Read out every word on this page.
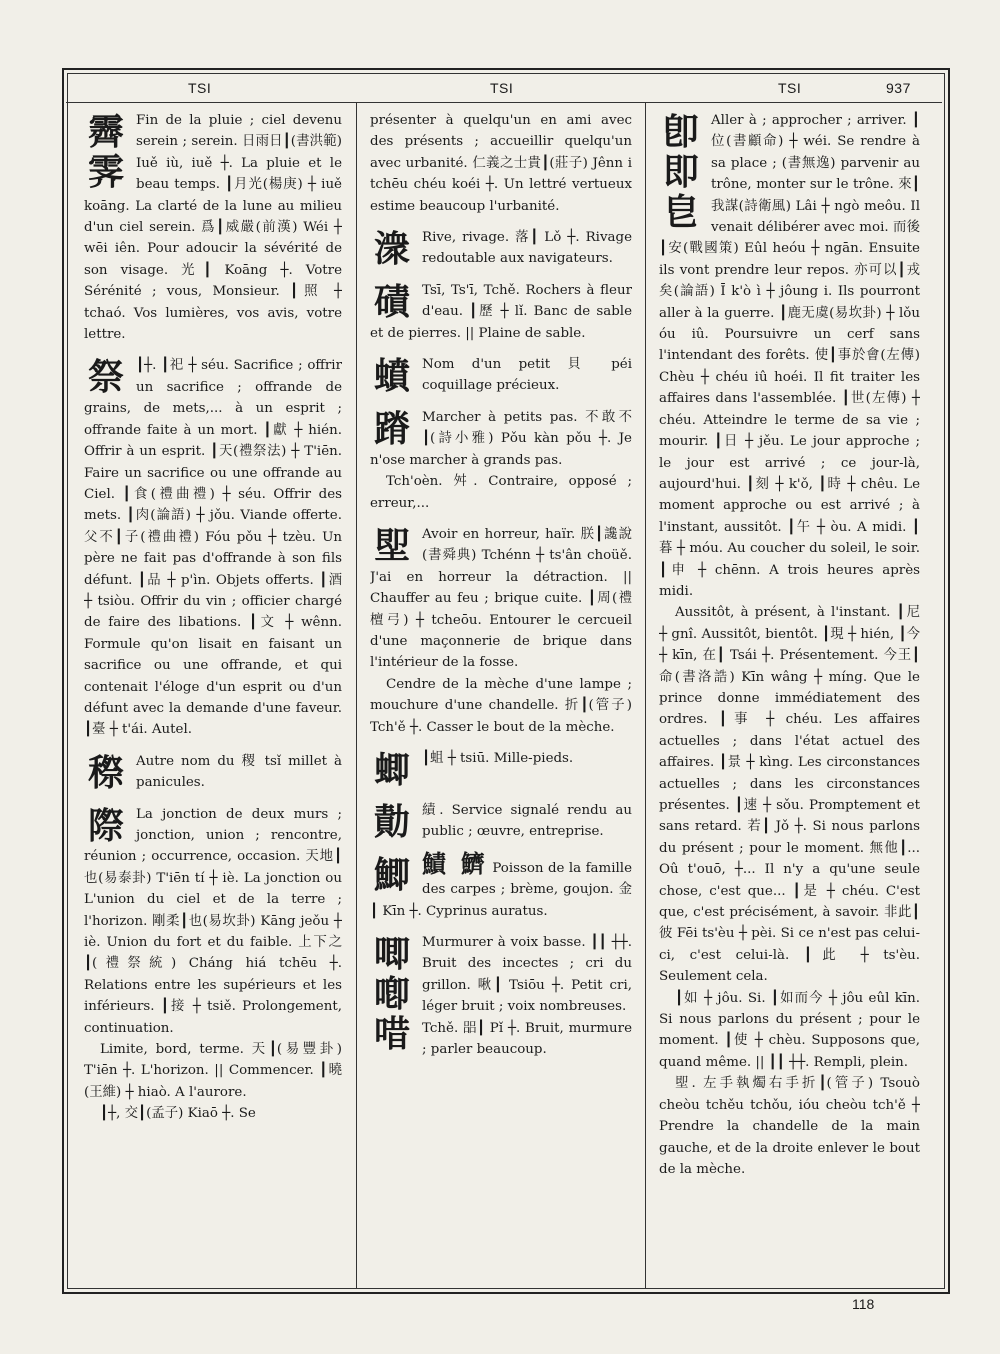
TSI	TSI	TSI	937
霽
霁

Fin de la pluie ; ciel devenu serein ; serein. 日雨日┃(書洪範) Iuě iù, iuě ┼. La pluie et le beau temps. ┃月光(楊庚) ┼ iuě koāng. La clarté de la lune au milieu d'un ciel serein. 爲┃威嚴(前漢) Wéi ┼ wēi iên. Pour adoucir la sévérité de son visage. 光┃ Koāng ┼. Votre Sérénité ; vous, Monsieur. ┃照 ┼ tchaó. Vos lumières, vos avis, votre lettre.

祭 ┃┼. ┃祀 ┼ séu. Sacrifice ; offrir un sacrifice ; offrande de grains, de mets,... à un esprit ; offrande faite à un mort. ┃獻 ┼ hién. Offrir à un esprit. ┃天(禮祭法) ┼ T'iēn. Faire un sacrifice ou une offrande au Ciel. ┃食(禮曲禮) ┼ séu. Offrir des mets. ┃肉(論語) ┼ jǒu. Viande offerte. 父不┃子(禮曲禮) Fóu pǒu ┼ tzèu. Un père ne fait pas d'offrande à son fils défunt. ┃品 ┼ p'ìn. Objets offerts. ┃酒 ┼ tsiòu. Offrir du vin ; officier chargé de faire des libations. ┃文 ┼ wênn. Formule qu'on lisait en faisant un sacrifice ou une offrande, et qui contenait l'éloge d'un esprit ou d'un défunt avec la demande d'une faveur. ┃臺 ┼ t'ái. Autel.

穄 Autre nom du 稷 tsǐ millet à panicules.

際 La jonction de deux murs ; jonction, union ; rencontre, réunion ; occurrence, occasion. 天地┃也(易泰卦) T'iēn tí ┼ iè. La jonction ou L'union du ciel et de la terre ; l'horizon. 剛柔┃也(易坎卦) Kāng jeǒu ┼ iè. Union du fort et du faible. 上下之┃(禮祭統) Cháng hiá tchēu ┼. Relations entre les supérieurs et les inférieurs. ┃接 ┼ tsiě. Prolongement, continuation.

Limite, bord, terme. 天┃(易豐卦) T'iēn ┼. L'horizon. || Commencer. ┃曉(王維) ┼ hiaò. A l'aurore.

┃┼, 交┃(孟子) Kiaō ┼. Se

présenter à quelqu'un en ami avec des présents ; accueillir quelqu'un avec urbanité. 仁義之士貴┃(莊子) Jênn i tchēu chéu koéi ┼. Un lettré vertueux estime beaucoup l'urbanité.

潨 Rive, rivage. 落┃ Lǒ ┼. Rivage redoutable aux navigateurs.

磧 Tsī, Ts'ī, Tchě. Rochers à fleur d'eau. ┃歷 ┼ lǐ. Banc de sable et de pierres. || Plaine de sable.

蟦 Nom d'un petit 貝 péi coquillage précieux.

蹐 Marcher à petits pas. 不敢不┃(詩小雅) Pǒu kàn pǒu ┼. Je n'ose marcher à grands pas.

Tch'oèn. 舛. Contraire, opposé ; erreur,...

堲 Avoir en horreur, haïr. 朕┃讒說(書舜典) Tchénn ┼ ts'ân choüě. J'ai en horreur la détraction. || Chauffer au feu ; brique cuite. ┃周(禮檀弓) ┼ tcheōu. Entourer le cercueil d'une maçonnerie de brique dans l'intérieur de la fosse.

Cendre de la mèche d'une lampe ; mouchure d'une chandelle. 折┃(管子) Tch'ě ┼. Casser le bout de la mèche.

蝍 ┃蛆 ┼ tsiū. Mille-pieds.

勣 績. Service signalé rendu au public ; œuvre, entreprise.

鯽 鰿 鱭 Poisson de la famille des carpes ; brème, goujon. 金┃ Kīn ┼. Cyprinus auratus.

唧
喞
唶

Murmurer à voix basse. ┃┃ ┼┼. Bruit des incectes ; cri du grillon. 啾┃ Tsiōu ┼. Petit cri, léger bruit ; voix nombreuses.

Tchě. 㗊┃ Pǐ ┼. Bruit, murmure ; parler beaucoup.

卽
即
皀

Aller à ; approcher ; arriver. ┃位(書顧命) ┼ wéi. Se rendre à sa place ; (書無逸) parvenir au trône, monter sur le trône. 來┃我謀(詩衛風) Lâi ┼ ngò meôu. Il venait délibérer avec moi. 而後┃安(戰國策) Eûl heóu ┼ ngān. Ensuite ils vont prendre leur repos. 亦可以┃戎矣(論語) Ī k'ò ì ┼ jôung i. Ils pourront aller à la guerre. ┃鹿无虞(易坎卦) ┼ lǒu óu iû. Poursuivre un cerf sans l'intendant des forêts. 使┃事於會(左傳) Chèu ┼ chéu iû hoéi. Il fit traiter les affaires dans l'assemblée. ┃世(左傳) ┼ chéu. Atteindre le terme de sa vie ; mourir. ┃日 ┼ jěu. Le jour approche ; le jour est arrivé ; ce jour-là, aujourd'hui. ┃刻 ┼ k'ǒ, ┃時 ┼ chêu. Le moment approche ou est arrivé ; à l'instant, aussitôt. ┃午 ┼ òu. A midi. ┃暮 ┼ móu. Au coucher du soleil, le soir. ┃申 ┼ chēnn. A trois heures après midi.

Aussitôt, à présent, à l'instant. ┃尼 ┼ gnî. Aussitôt, bientôt. ┃現 ┼ hién, ┃今 ┼ kīn, 在┃ Tsái ┼. Présentement. 今王┃命(書洛誥) Kīn wâng ┼ míng. Que le prince donne immédiatement des ordres. ┃事 ┼ chéu. Les affaires actuelles ; dans l'état actuel des affaires. ┃景 ┼ kìng. Les circonstances actuelles ; dans les circonstances présentes. ┃速 ┼ sǒu. Promptement et sans retard. 若┃ Jǒ ┼. Si nous parlons du présent ; pour le moment. 無他┃... Oû t'ouō, ┼... Il n'y a qu'une seule chose, c'est que... ┃是 ┼ chéu. C'est que, c'est précisément, à savoir. 非此┃彼 Fēi ts'èu ┼ pèi. Si ce n'est pas celui-ci, c'est celui-là. ┃此 ┼ ts'èu. Seulement cela.

┃如 ┼ jôu. Si. ┃如而今 ┼ jôu eûl kīn. Si nous parlons du présent ; pour le moment. ┃使 ┼ chèu. Supposons que, quand même. || ┃┃ ┼┼. Rempli, plein.

堲. 左手執燭右手折┃(管子) Tsouò cheòu tchěu tchǒu, ióu cheòu tch'ě ┼ Prendre la chandelle de la main gauche, et de la droite enlever le bout de la mèche.

118
